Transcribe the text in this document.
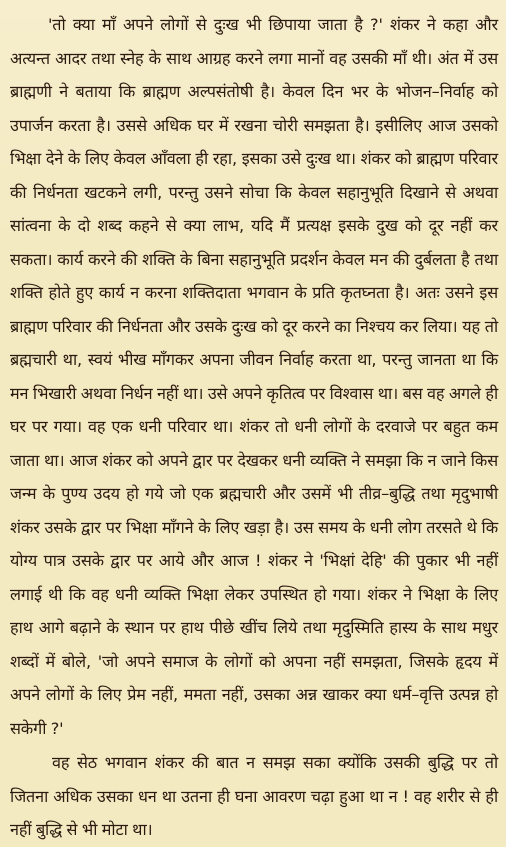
'तो क्या माँ अपने लोगों से दुःख भी छिपाया जाता है ?' शंकर ने कहा और अत्यन्त आदर तथा स्नेह के साथ आग्रह करने लगा मानों वह उसकी माँ थी। अंत में उस ब्राह्मणी ने बताया कि ब्राह्मण अल्पसंतोषी है। केवल दिन भर के भोजन–निर्वाह को उपार्जन करता है। उससे अधिक घर में रखना चोरी समझता है। इसीलिए आज उसको भिक्षा देने के लिए केवल आँवला ही रहा, इसका उसे दुःख था। शंकर को ब्राह्मण परिवार की निर्धनता खटकने लगी, परन्तु उसने सोचा कि केवल सहानुभूति दिखाने से अथवा सांत्वना के दो शब्द कहने से क्या लाभ, यदि मैं प्रत्यक्ष इसके दुख को दूर नहीं कर सकता। कार्य करने की शक्ति के बिना सहानुभूति प्रदर्शन केवल मन की दुर्बलता है तथा शक्ति होते हुए कार्य न करना शक्तिदाता भगवान के प्रति कृतघ्नता है। अतः उसने इस ब्राह्मण परिवार की निर्धनता और उसके दुःख को दूर करने का निश्चय कर लिया। यह तो ब्रह्मचारी था, स्वयं भीख माँगकर अपना जीवन निर्वाह करता था, परन्तु जानता था कि मन भिखारी अथवा निर्धन नहीं था। उसे अपने कृतित्व पर विश्वास था। बस वह अगले ही घर पर गया। वह एक धनी परिवार था। शंकर तो धनी लोगों के दरवाजे पर बहुत कम जाता था। आज शंकर को अपने द्वार पर देखकर धनी व्यक्ति ने समझा कि न जाने किस जन्म के पुण्य उदय हो गये जो एक ब्रह्मचारी और उसमें भी तीव्र–बुद्धि तथा मृदुभाषी शंकर उसके द्वार पर भिक्षा माँगने के लिए खड़ा है। उस समय के धनी लोग तरसते थे कि योग्य पात्र उसके द्वार पर आये और आज ! शंकर ने 'भिक्षां देहि' की पुकार भी नहीं लगाई थी कि वह धनी व्यक्ति भिक्षा लेकर उपस्थित हो गया। शंकर ने भिक्षा के लिए हाथ आगे बढ़ाने के स्थान पर हाथ पीछे खींच लिये तथा मृदुस्मिति हास्य के साथ मधुर शब्दों में बोले, 'जो अपने समाज के लोगों को अपना नहीं समझता, जिसके हृदय में अपने लोगों के लिए प्रेम नहीं, ममता नहीं, उसका अन्न खाकर क्या धर्म–वृत्ति उत्पन्न हो सकेगी ?'

वह सेठ भगवान शंकर की बात न समझ सका क्योंकि उसकी बुद्धि पर तो जितना अधिक उसका धन था उतना ही घना आवरण चढ़ा हुआ था न ! वह शरीर से ही नहीं बुद्धि से भी मोटा था।
